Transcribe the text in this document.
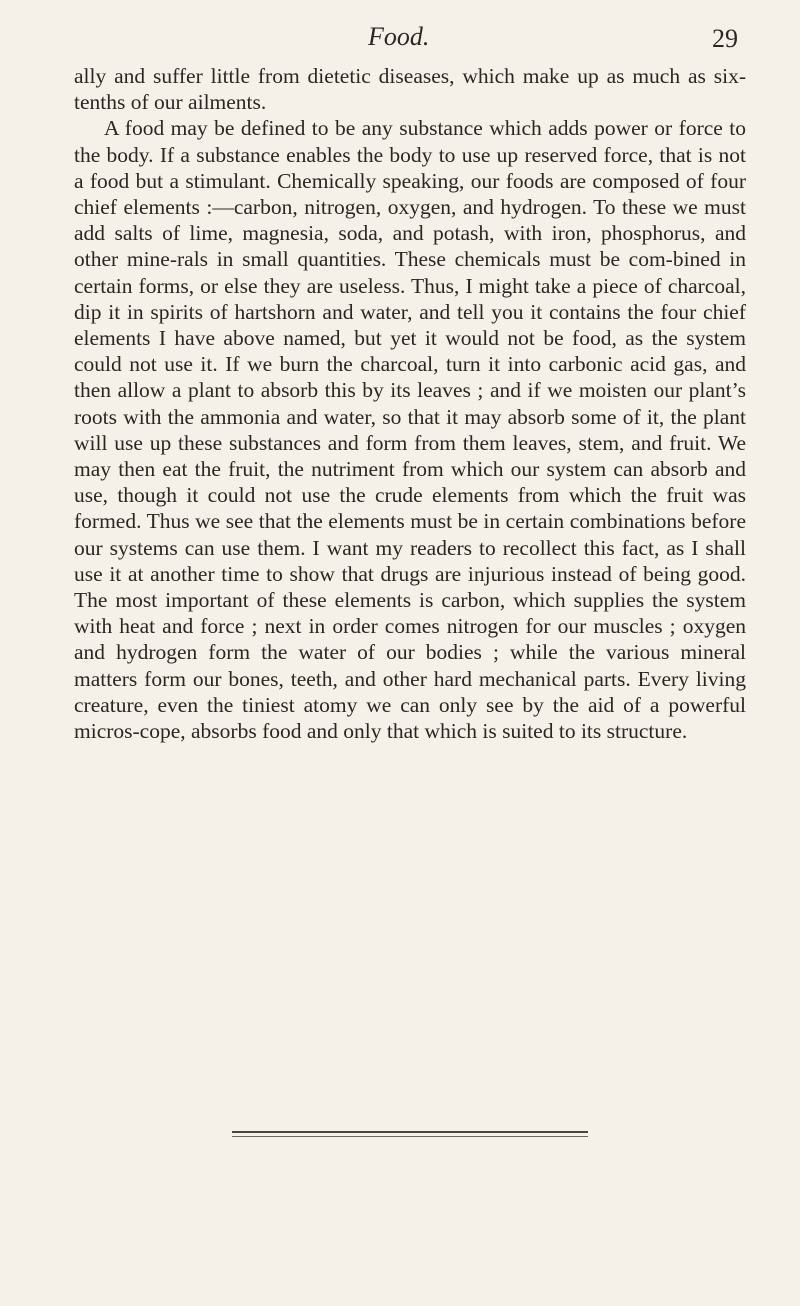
Food.	29

ally and suffer little from dietetic diseases, which make up as much as six-tenths of our ailments.

A food may be defined to be any substance which adds power or force to the body. If a substance enables the body to use up reserved force, that is not a food but a stimulant. Chemically speaking, our foods are composed of four chief elements :—carbon, nitrogen, oxygen, and hydrogen. To these we must add salts of lime, magnesia, soda, and potash, with iron, phosphorus, and other mine-rals in small quantities. These chemicals must be com-bined in certain forms, or else they are useless. Thus, I might take a piece of charcoal, dip it in spirits of hartshorn and water, and tell you it contains the four chief elements I have above named, but yet it would not be food, as the system could not use it. If we burn the charcoal, turn it into carbonic acid gas, and then allow a plant to absorb this by its leaves ; and if we moisten our plant’s roots with the ammonia and water, so that it may absorb some of it, the plant will use up these substances and form from them leaves, stem, and fruit. We may then eat the fruit, the nutriment from which our system can absorb and use, though it could not use the crude elements from which the fruit was formed. Thus we see that the elements must be in certain combinations before our systems can use them. I want my readers to recollect this fact, as I shall use it at another time to show that drugs are injurious instead of being good. The most important of these elements is carbon, which supplies the system with heat and force ; next in order comes nitrogen for our muscles ; oxygen and hydrogen form the water of our bodies ; while the various mineral matters form our bones, teeth, and other hard mechanical parts. Every living creature, even the tiniest atomy we can only see by the aid of a powerful micros-cope, absorbs food and only that which is suited to its structure.
